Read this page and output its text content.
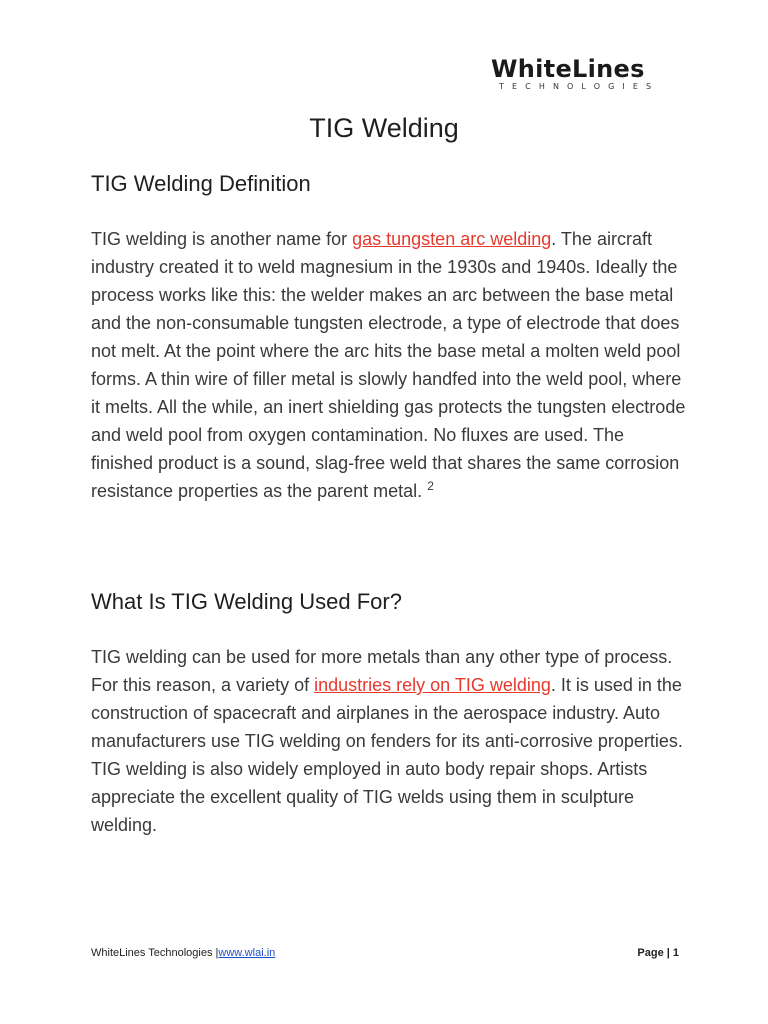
WhiteLines
TECHNOLOGIES
TIG Welding
TIG Welding Definition

TIG welding is another name for gas tungsten arc welding. The aircraft industry created it to weld magnesium in the 1930s and 1940s. Ideally the process works like this: the welder makes an arc between the base metal and the non-consumable tungsten electrode, a type of electrode that does not melt. At the point where the arc hits the base metal a molten weld pool forms. A thin wire of filler metal is slowly handfed into the weld pool, where it melts. All the while, an inert shielding gas protects the tungsten electrode and weld pool from oxygen contamination. No fluxes are used. The finished product is a sound, slag-free weld that shares the same corrosion resistance properties as the parent metal. $^2$

What Is TIG Welding Used For?

TIG welding can be used for more metals than any other type of process. For this reason, a variety of industries rely on TIG welding. It is used in the construction of spacecraft and airplanes in the aerospace industry. Auto manufacturers use TIG welding on fenders for its anti-corrosive properties. TIG welding is also widely employed in auto body repair shops. Artists appreciate the excellent quality of TIG welds using them in sculpture welding.

WhiteLines Technologies |www.wlai.in	Page | 1
